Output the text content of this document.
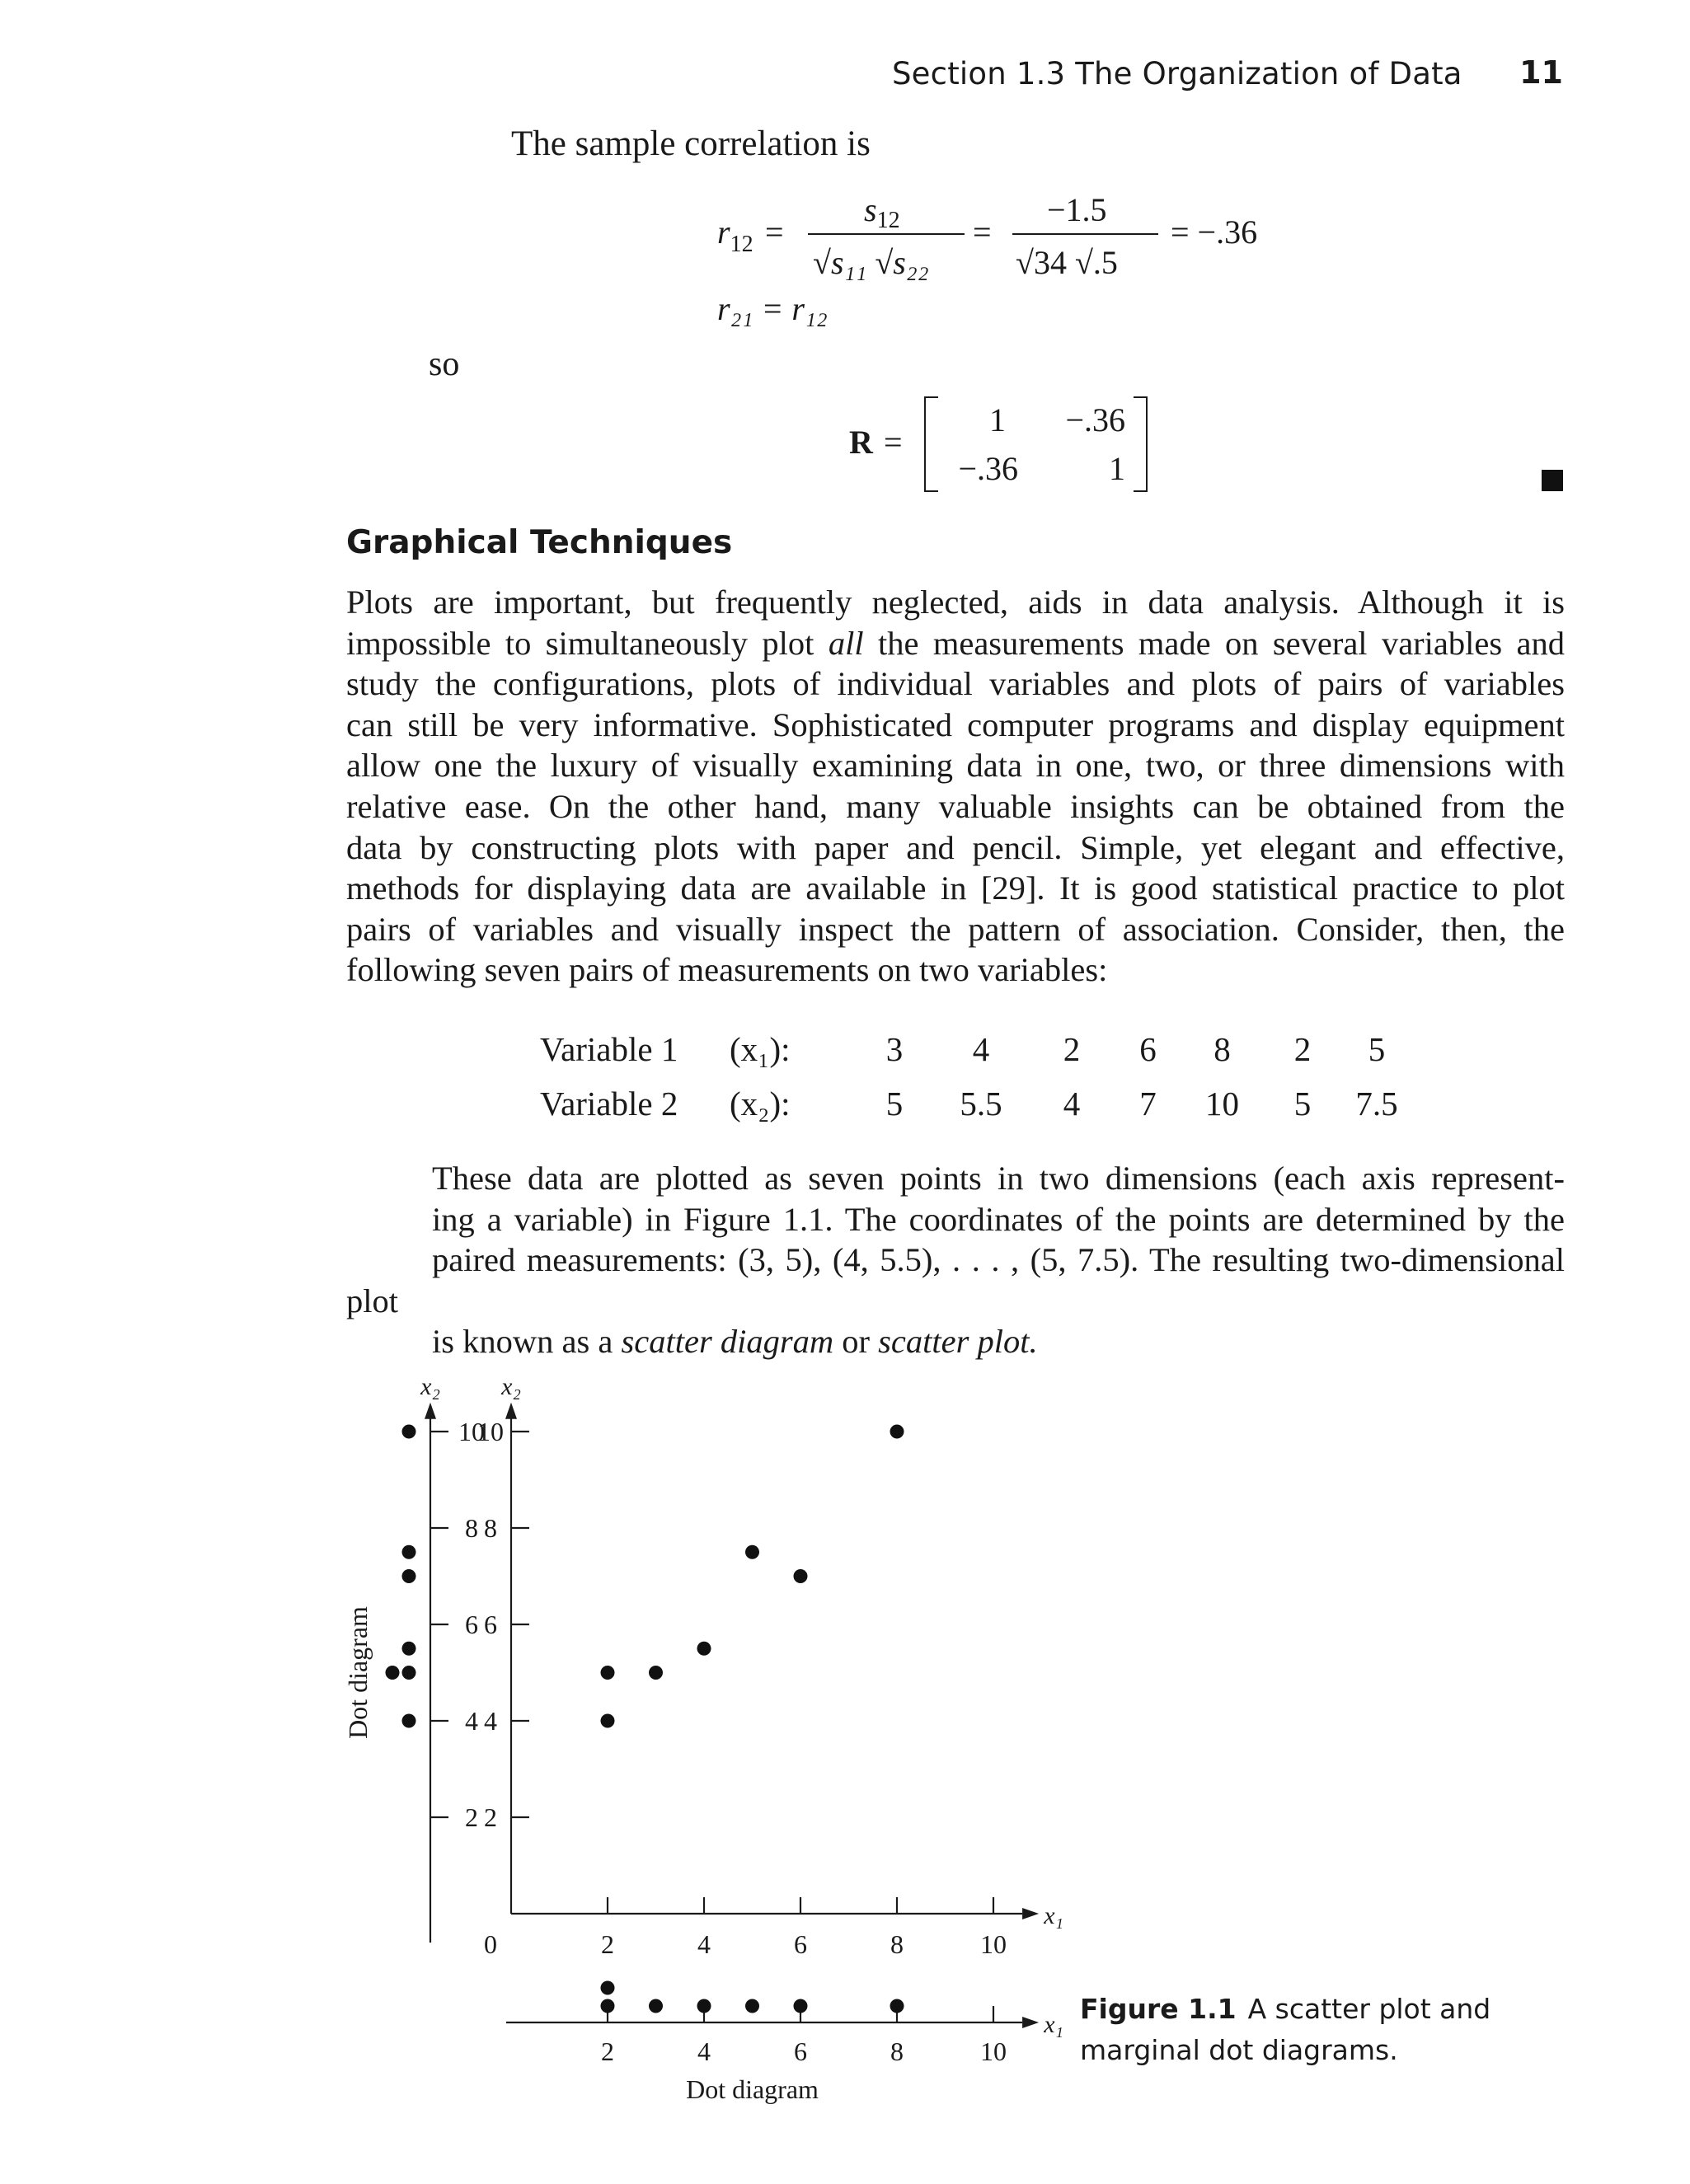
Section 1.3 The Organization of Data 11
The sample correlation is
$r_{12}$ =
$s_{12}$
√s₁₁ √s₂₂
=
−1.5
√34 √.5
= −.36
r₂₁ = r₁₂
R =
1 −.36
−.36	1
so
Graphical Techniques

Plots are important, but frequently neglected, aids in data analysis. Although it is
impossible to simultaneously plot all the measurements made on several variables and
study the configurations, plots of individual variables and plots of pairs of variables
can still be very informative. Sophisticated computer programs and display equipment
allow one the luxury of visually examining data in one, two, or three dimensions with
relative ease. On the other hand, many valuable insights can be obtained from the
data by constructing plots with paper and pencil. Simple, yet elegant and effective,
methods for displaying data are available in [29]. It is good statistical practice to plot
pairs of variables and visually inspect the pattern of association. Consider, then, the
following seven pairs of measurements on two variables:

Variable 1	(x₁):	3	4	2	6	8	2	5
Variable 2	(x₂):	5	5.5	4	7	10	5	7.5

These data are plotted as seven points in two dimensions (each axis represent-
ing a variable) in Figure 1.1. The coordinates of the points are determined by the
paired measurements: (3, 5), (4, 5.5), . . . , (5, 7.5). The resulting two-dimensional plot
is known as a scatter diagram or scatter plot.

x₂
x₁
0
2
4
6
8
10
2	4	6	8	10
x₂
2
4
6
8
10
Dot diagram
x₁
2	4	6	8	10
Dot diagram
Figure 1.1 A scatter plot and
marginal dot diagrams.
